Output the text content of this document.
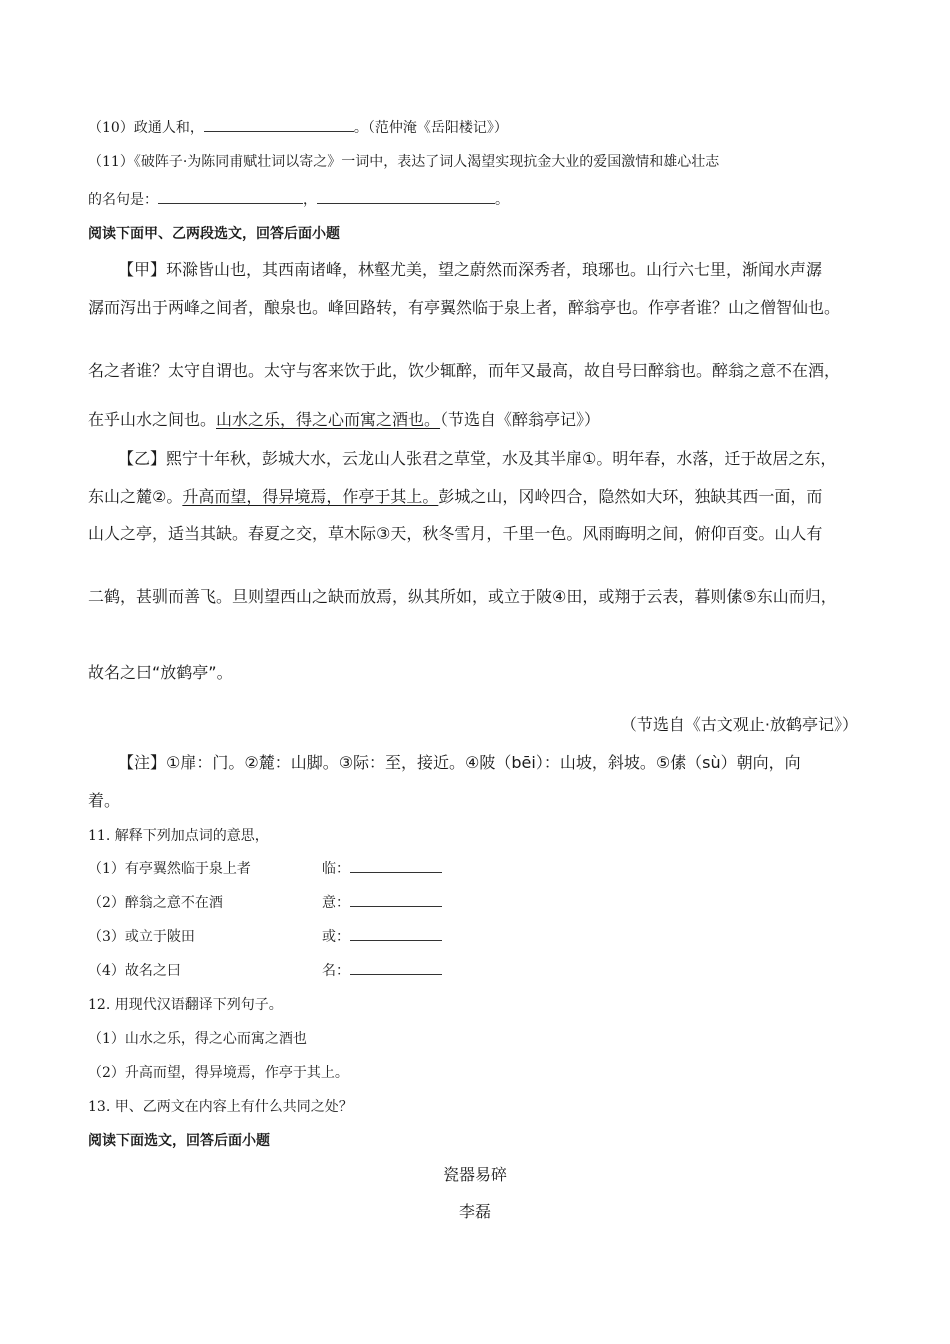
（10）政通人和，	。（范仲淹《岳阳楼记》）
（11）《破阵子·为陈同甫赋壮词以寄之》一词中，表达了词人渴望实现抗金大业的爱国激情和雄心壮志
的名句是：	，	。
阅读下面甲、乙两段选文，回答后面小题
【甲】环滁皆山也，其西南诸峰，林壑尤美，望之蔚然而深秀者，琅琊也。山行六七里，渐闻水声潺
潺而泻出于两峰之间者，酿泉也。峰回路转，有亭翼然临于泉上者，醉翁亭也。作亭者谁？山之僧智仙也。
名之者谁？太守自谓也。太守与客来饮于此，饮少辄醉，而年又最高，故自号曰醉翁也。醉翁之意不在酒，
在乎山水之间也。山水之乐，得之心而寓之酒也。（节选自《醉翁亭记》）
【乙】熙宁十年秋，彭城大水，云龙山人张君之草堂，水及其半扉①。明年春，水落，迁于故居之东，
东山之麓②。升高而望，得异境焉，作亭于其上。彭城之山，冈岭四合，隐然如大环，独缺其西一面，而
山人之亭，适当其缺。春夏之交，草木际③天，秋冬雪月，千里一色。风雨晦明之间，俯仰百变。山人有
二鹤，甚驯而善飞。旦则望西山之缺而放焉，纵其所如，或立于陂④田，或翔于云表，暮则傃⑤东山而归，
故名之曰“放鹤亭”。
（节选自《古文观止·放鹤亭记》）
【注】①扉：门。②麓：山脚。③际：至，接近。④陂（bēi）：山坡，斜坡。⑤傃（sù）朝向，向
着。
11. 解释下列加点词的意思，
（1）有亭翼然临于泉上者	临：
（2）醉翁之意不在酒	意：
（3）或立于陂田	或：
（4）故名之曰	名：
12. 用现代汉语翻译下列句子。
（1）山水之乐，得之心而寓之酒也
（2）升高而望，得异境焉，作亭于其上。
13. 甲、乙两文在内容上有什么共同之处？
阅读下面选文，回答后面小题
瓷器易碎
李磊
